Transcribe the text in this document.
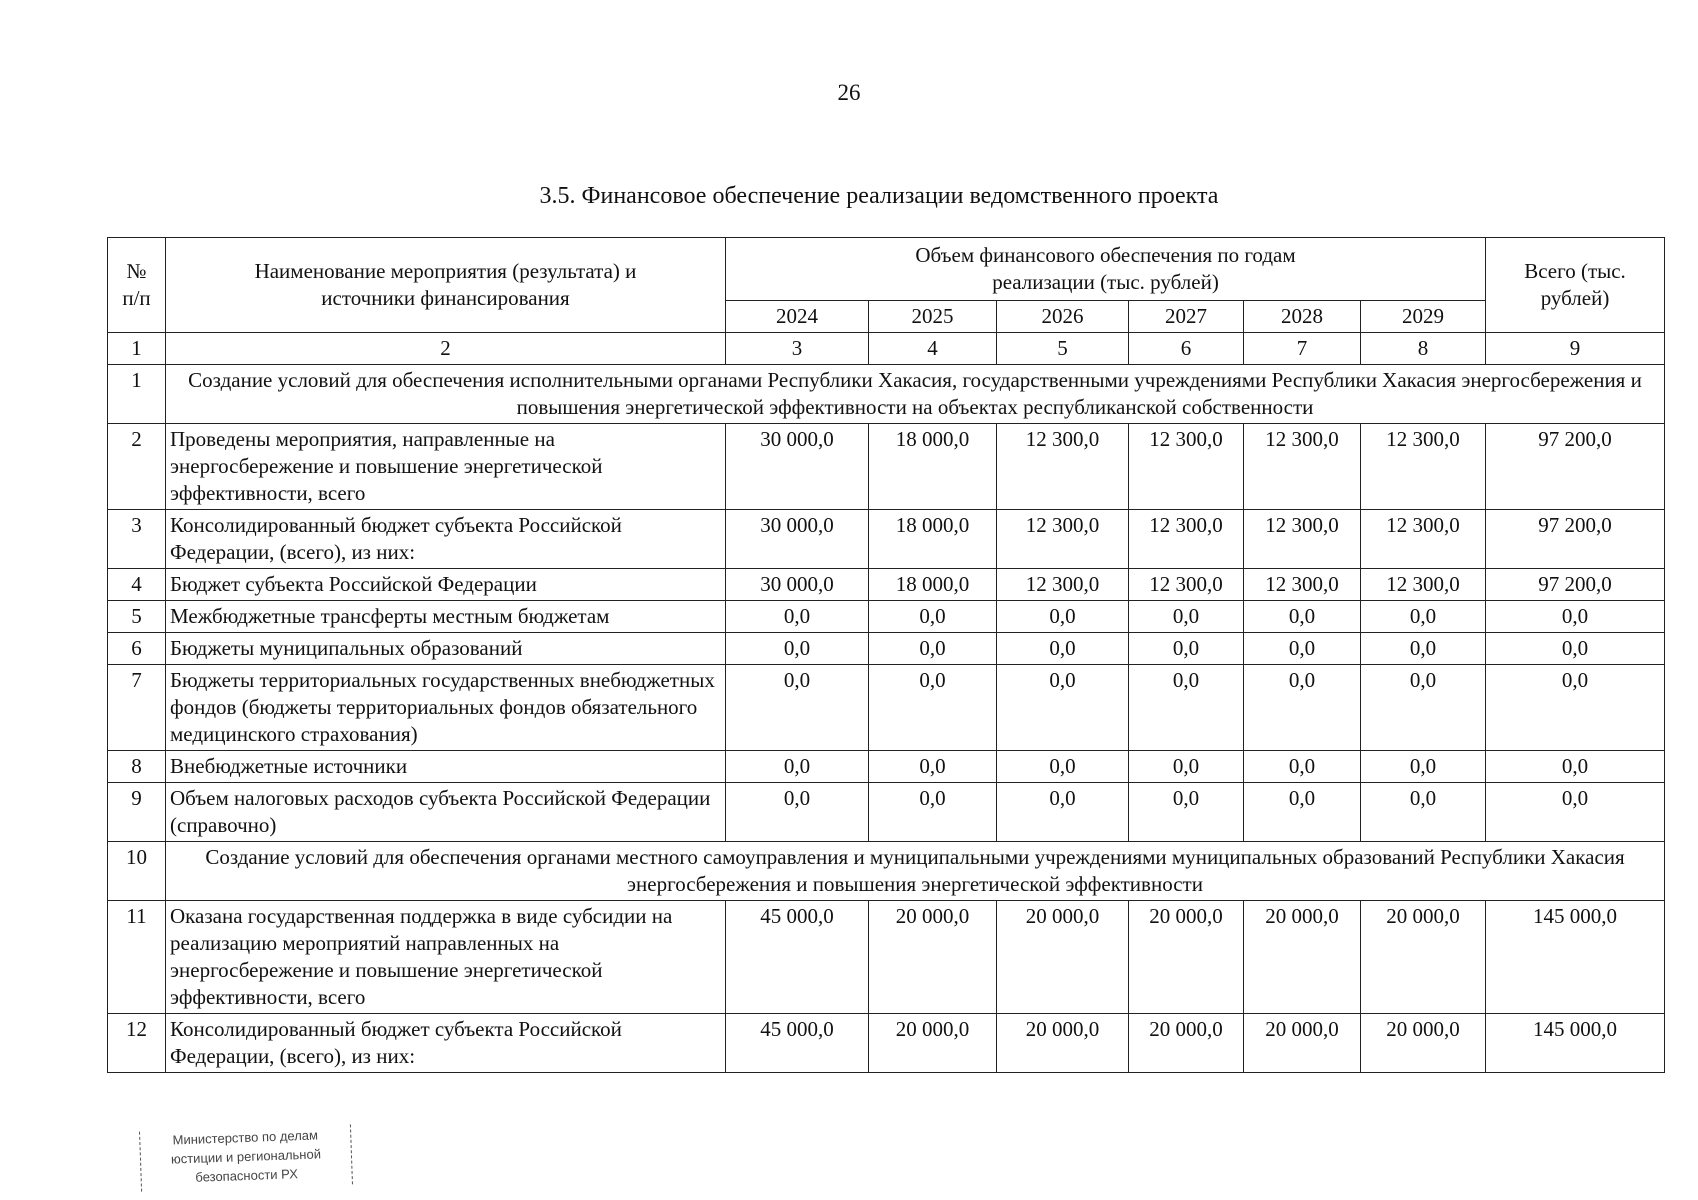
26
3.5. Финансовое обеспечение реализации ведомственного проекта
№
п/п	Наименование мероприятия (результата) и источники финансирования	Объем финансового обеспечения по годам реализации (тыс. рублей)						Всего (тыс. рублей)
		2024	2025	2026	2027	2028	2029	
1	2	3	4	5	6	7	8	9
1	Создание условий для обеспечения исполнительными органами Республики Хакасия, государственными учреждениями Республики Хакасия энергосбережения и повышения энергетической эффективности на объектах республиканской собственности							
2	Проведены мероприятия, направленные на энергосбережение и повышение энергетической эффективности, всего	30 000,0	18 000,0	12 300,0	12 300,0	12 300,0	12 300,0	97 200,0
3	Консолидированный бюджет субъекта Российской Федерации, (всего), из них:	30 000,0	18 000,0	12 300,0	12 300,0	12 300,0	12 300,0	97 200,0
4	Бюджет субъекта Российской Федерации	30 000,0	18 000,0	12 300,0	12 300,0	12 300,0	12 300,0	97 200,0
5	Межбюджетные трансферты местным бюджетам	0,0	0,0	0,0	0,0	0,0	0,0	0,0
6	Бюджеты муниципальных образований	0,0	0,0	0,0	0,0	0,0	0,0	0,0
7	Бюджеты территориальных государственных внебюджетных фондов (бюджеты территориальных фондов обязательного медицинского страхования)	0,0	0,0	0,0	0,0	0,0	0,0	0,0
8	Внебюджетные источники	0,0	0,0	0,0	0,0	0,0	0,0	0,0
9	Объем налоговых расходов субъекта Российской Федерации (справочно)	0,0	0,0	0,0	0,0	0,0	0,0	0,0
10	Создание условий для обеспечения органами местного самоуправления и муниципальными учреждениями муниципальных образований Республики Хакасия энергосбережения и повышения энергетической эффективности							
11	Оказана государственная поддержка в виде субсидии на реализацию мероприятий направленных на энергосбережение и повышение энергетической эффективности, всего	45 000,0	20 000,0	20 000,0	20 000,0	20 000,0	20 000,0	145 000,0
12	Консолидированный бюджет субъекта Российской Федерации, (всего), из них:	45 000,0	20 000,0	20 000,0	20 000,0	20 000,0	20 000,0	145 000,0
Министерство по делам
юстиции и региональной
безопасности РХ
